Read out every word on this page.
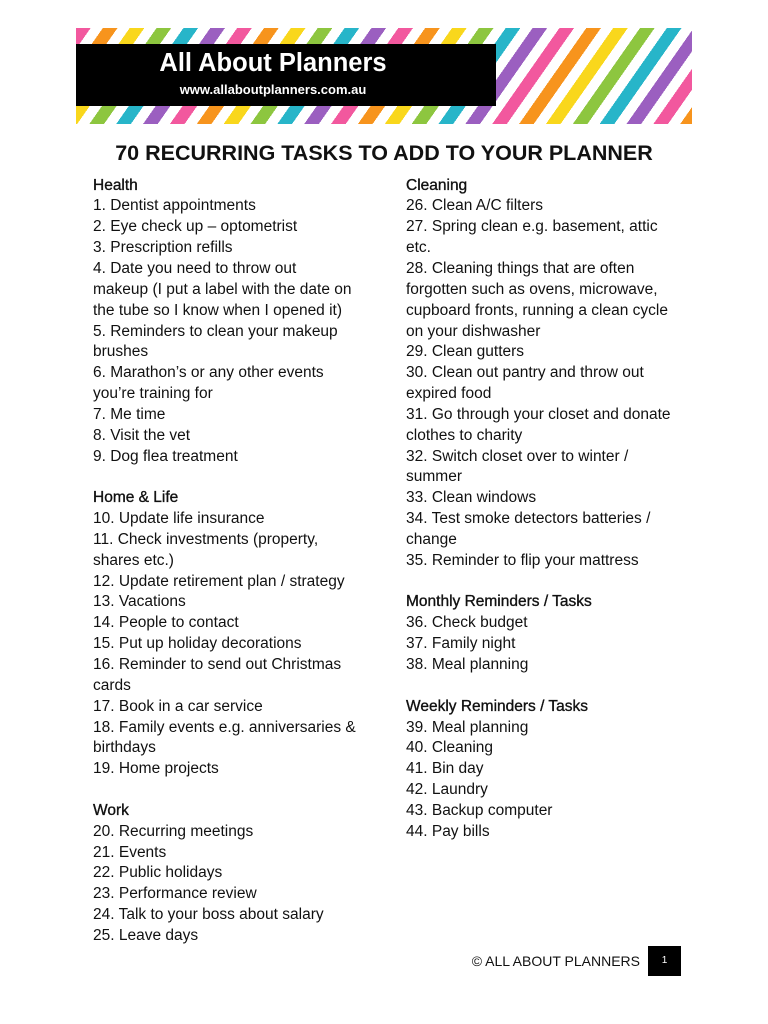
All About Planners
www.allaboutplanners.com.au
70 RECURRING TASKS TO ADD TO YOUR PLANNER
Health
1. Dentist appointments
2. Eye check up – optometrist
3. Prescription refills
4. Date you need to throw out
makeup (I put a label with the date on
the tube so I know when I opened it)
5. Reminders to clean your makeup
brushes
6. Marathon’s or any other events
you’re training for
7. Me time
8. Visit the vet
9. Dog flea treatment
Home & Life
10. Update life insurance
11. Check investments (property,
shares etc.)
12. Update retirement plan / strategy
13. Vacations
14. People to contact
15. Put up holiday decorations
16. Reminder to send out Christmas
cards
17. Book in a car service
18. Family events e.g. anniversaries &
birthdays
19. Home projects
Work
20. Recurring meetings
21. Events
22. Public holidays
23. Performance review
24. Talk to your boss about salary
25. Leave days
Cleaning
26. Clean A/C filters
27. Spring clean e.g. basement, attic
etc.
28. Cleaning things that are often
forgotten such as ovens, microwave,
cupboard fronts, running a clean cycle
on your dishwasher
29. Clean gutters
30. Clean out pantry and throw out
expired food
31. Go through your closet and donate
clothes to charity
32. Switch closet over to winter /
summer
33. Clean windows
34. Test smoke detectors batteries /
change
35. Reminder to flip your mattress
Monthly Reminders / Tasks
36. Check budget
37. Family night
38. Meal planning
Weekly Reminders / Tasks
39. Meal planning
40. Cleaning
41. Bin day
42. Laundry
43. Backup computer
44. Pay bills
© ALL ABOUT PLANNERS 1
